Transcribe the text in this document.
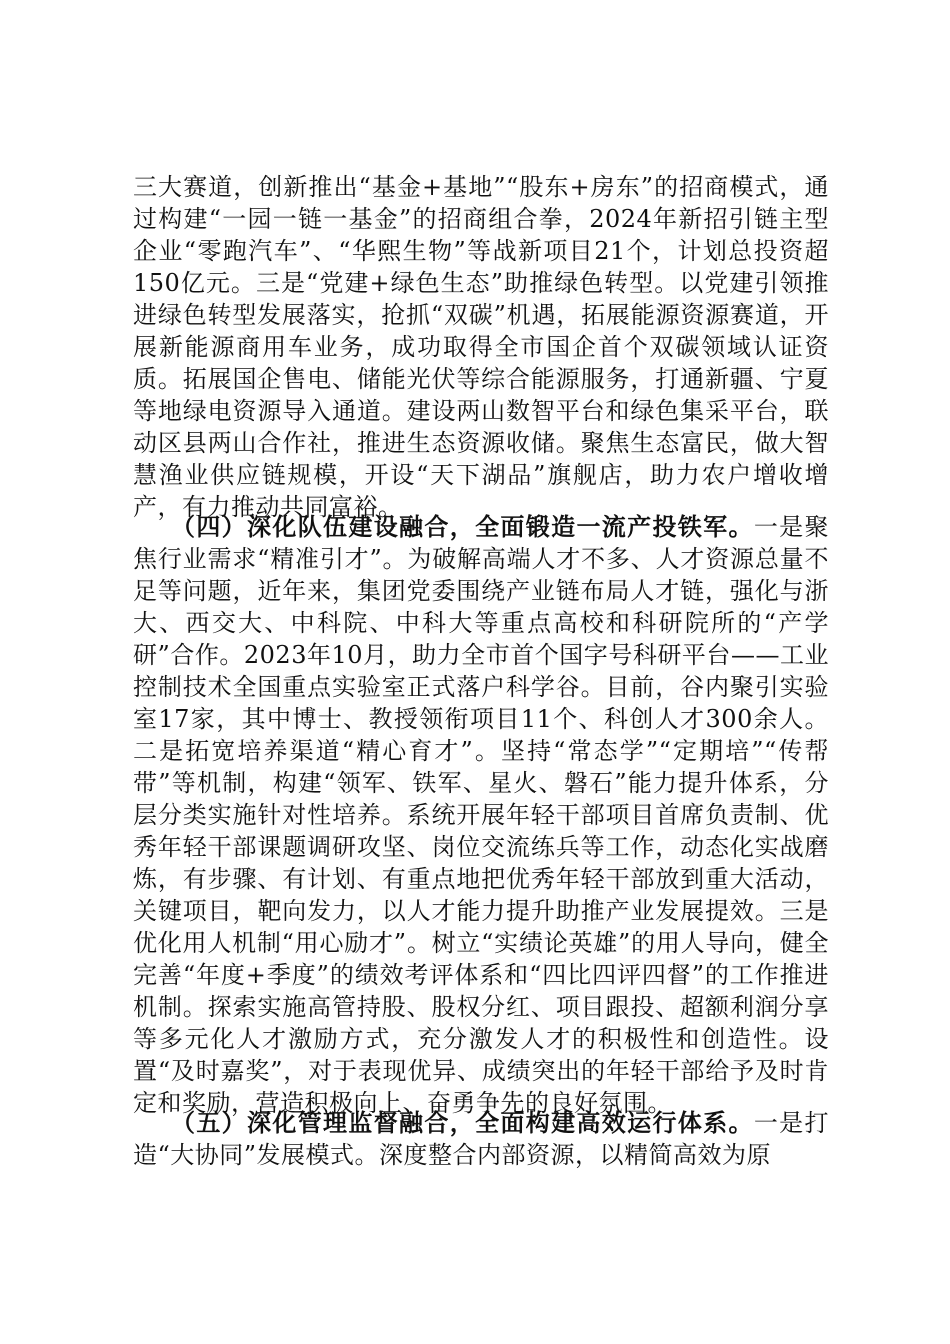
三大赛道，创新推出“基金+基地”“股东+房东”的招商模式，通过构建“一园一链一基金”的招商组合拳，2024年新招引链主型企业“零跑汽车”、“华熙生物”等战新项目21个，计划总投资超150亿元。三是“党建+绿色生态”助推绿色转型。以党建引领推进绿色转型发展落实，抢抓“双碳”机遇，拓展能源资源赛道，开展新能源商用车业务，成功取得全市国企首个双碳领域认证资质。拓展国企售电、储能光伏等综合能源服务，打通新疆、宁夏等地绿电资源导入通道。建设两山数智平台和绿色集采平台，联动区县两山合作社，推进生态资源收储。聚焦生态富民，做大智慧渔业供应链规模，开设“天下湖品”旗舰店，助力农户增收增产，有力推动共同富裕。

（四）深化队伍建设融合，全面锻造一流产投铁军。一是聚焦行业需求“精准引才”。为破解高端人才不多、人才资源总量不足等问题，近年来，集团党委围绕产业链布局人才链，强化与浙大、西交大、中科院、中科大等重点高校和科研院所的“产学研”合作。2023年10月，助力全市首个国字号科研平台——工业控制技术全国重点实验室正式落户科学谷。目前，谷内聚引实验室17家，其中博士、教授领衔项目11个、科创人才300余人。二是拓宽培养渠道“精心育才”。坚持“常态学”“定期培”“传帮带”等机制，构建“领军、铁军、星火、磐石”能力提升体系，分层分类实施针对性培养。系统开展年轻干部项目首席负责制、优秀年轻干部课题调研攻坚、岗位交流练兵等工作，动态化实战磨炼，有步骤、有计划、有重点地把优秀年轻干部放到重大活动，关键项目，靶向发力，以人才能力提升助推产业发展提效。三是优化用人机制“用心励才”。树立“实绩论英雄”的用人导向，健全完善“年度+季度”的绩效考评体系和“四比四评四督”的工作推进机制。探索实施高管持股、股权分红、项目跟投、超额利润分享等多元化人才激励方式，充分激发人才的积极性和创造性。设置“及时嘉奖”，对于表现优异、成绩突出的年轻干部给予及时肯定和奖励，营造积极向上、奋勇争先的良好氛围。

（五）深化管理监督融合，全面构建高效运行体系。一是打造“大协同”发展模式。深度整合内部资源，以精简高效为原
